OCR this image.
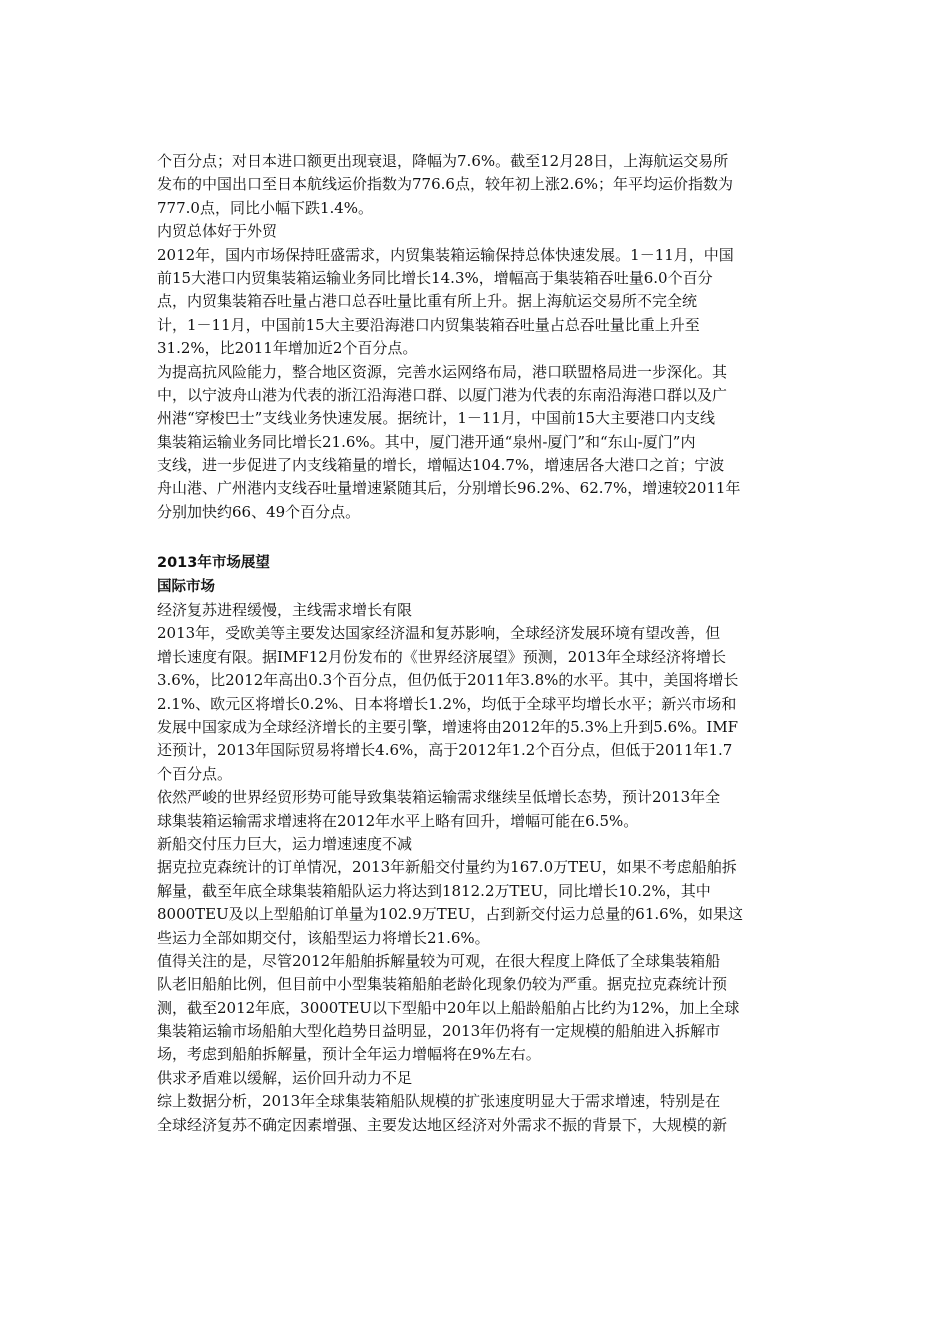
个百分点；对日本进口额更出现衰退，降幅为7.6%。截至12月28日，上海航运交易所
发布的中国出口至日本航线运价指数为776.6点，较年初上涨2.6%；年平均运价指数为
777.0点，同比小幅下跌1.4%。
内贸总体好于外贸
2012年，国内市场保持旺盛需求，内贸集装箱运输保持总体快速发展。1－11月，中国
前15大港口内贸集装箱运输业务同比增长14.3%，增幅高于集装箱吞吐量6.0个百分
点，内贸集装箱吞吐量占港口总吞吐量比重有所上升。据上海航运交易所不完全统
计，1－11月，中国前15大主要沿海港口内贸集装箱吞吐量占总吞吐量比重上升至
31.2%，比2011年增加近2个百分点。
为提高抗风险能力，整合地区资源，完善水运网络布局，港口联盟格局进一步深化。其
中，以宁波舟山港为代表的浙江沿海港口群、以厦门港为代表的东南沿海港口群以及广
州港“穿梭巴士”支线业务快速发展。据统计，1－11月，中国前15大主要港口内支线
集装箱运输业务同比增长21.6%。其中，厦门港开通“泉州-厦门”和“东山-厦门”内
支线，进一步促进了内支线箱量的增长，增幅达104.7%，增速居各大港口之首；宁波
舟山港、广州港内支线吞吐量增速紧随其后，分别增长96.2%、62.7%，增速较2011年
分别加快约66、49个百分点。
2013年市场展望
国际市场
经济复苏进程缓慢，主线需求增长有限
2013年，受欧美等主要发达国家经济温和复苏影响，全球经济发展环境有望改善，但
增长速度有限。据IMF12月份发布的《世界经济展望》预测，2013年全球经济将增长
3.6%，比2012年高出0.3个百分点，但仍低于2011年3.8%的水平。其中，美国将增长
2.1%、欧元区将增长0.2%、日本将增长1.2%，均低于全球平均增长水平；新兴市场和
发展中国家成为全球经济增长的主要引擎，增速将由2012年的5.3%上升到5.6%。IMF
还预计，2013年国际贸易将增长4.6%，高于2012年1.2个百分点，但低于2011年1.7
个百分点。
依然严峻的世界经贸形势可能导致集装箱运输需求继续呈低增长态势，预计2013年全
球集装箱运输需求增速将在2012年水平上略有回升，增幅可能在6.5%。
新船交付压力巨大，运力增速速度不减
据克拉克森统计的订单情况，2013年新船交付量约为167.0万TEU，如果不考虑船舶拆
解量，截至年底全球集装箱船队运力将达到1812.2万TEU，同比增长10.2%，其中
8000TEU及以上型船舶订单量为102.9万TEU，占到新交付运力总量的61.6%，如果这
些运力全部如期交付，该船型运力将增长21.6%。
值得关注的是，尽管2012年船舶拆解量较为可观，在很大程度上降低了全球集装箱船
队老旧船舶比例，但目前中小型集装箱船舶老龄化现象仍较为严重。据克拉克森统计预
测，截至2012年底，3000TEU以下型船中20年以上船龄船舶占比约为12%，加上全球
集装箱运输市场船舶大型化趋势日益明显，2013年仍将有一定规模的船舶进入拆解市
场，考虑到船舶拆解量，预计全年运力增幅将在9%左右。
供求矛盾难以缓解，运价回升动力不足
综上数据分析，2013年全球集装箱船队规模的扩张速度明显大于需求增速，特别是在
全球经济复苏不确定因素增强、主要发达地区经济对外需求不振的背景下，大规模的新
